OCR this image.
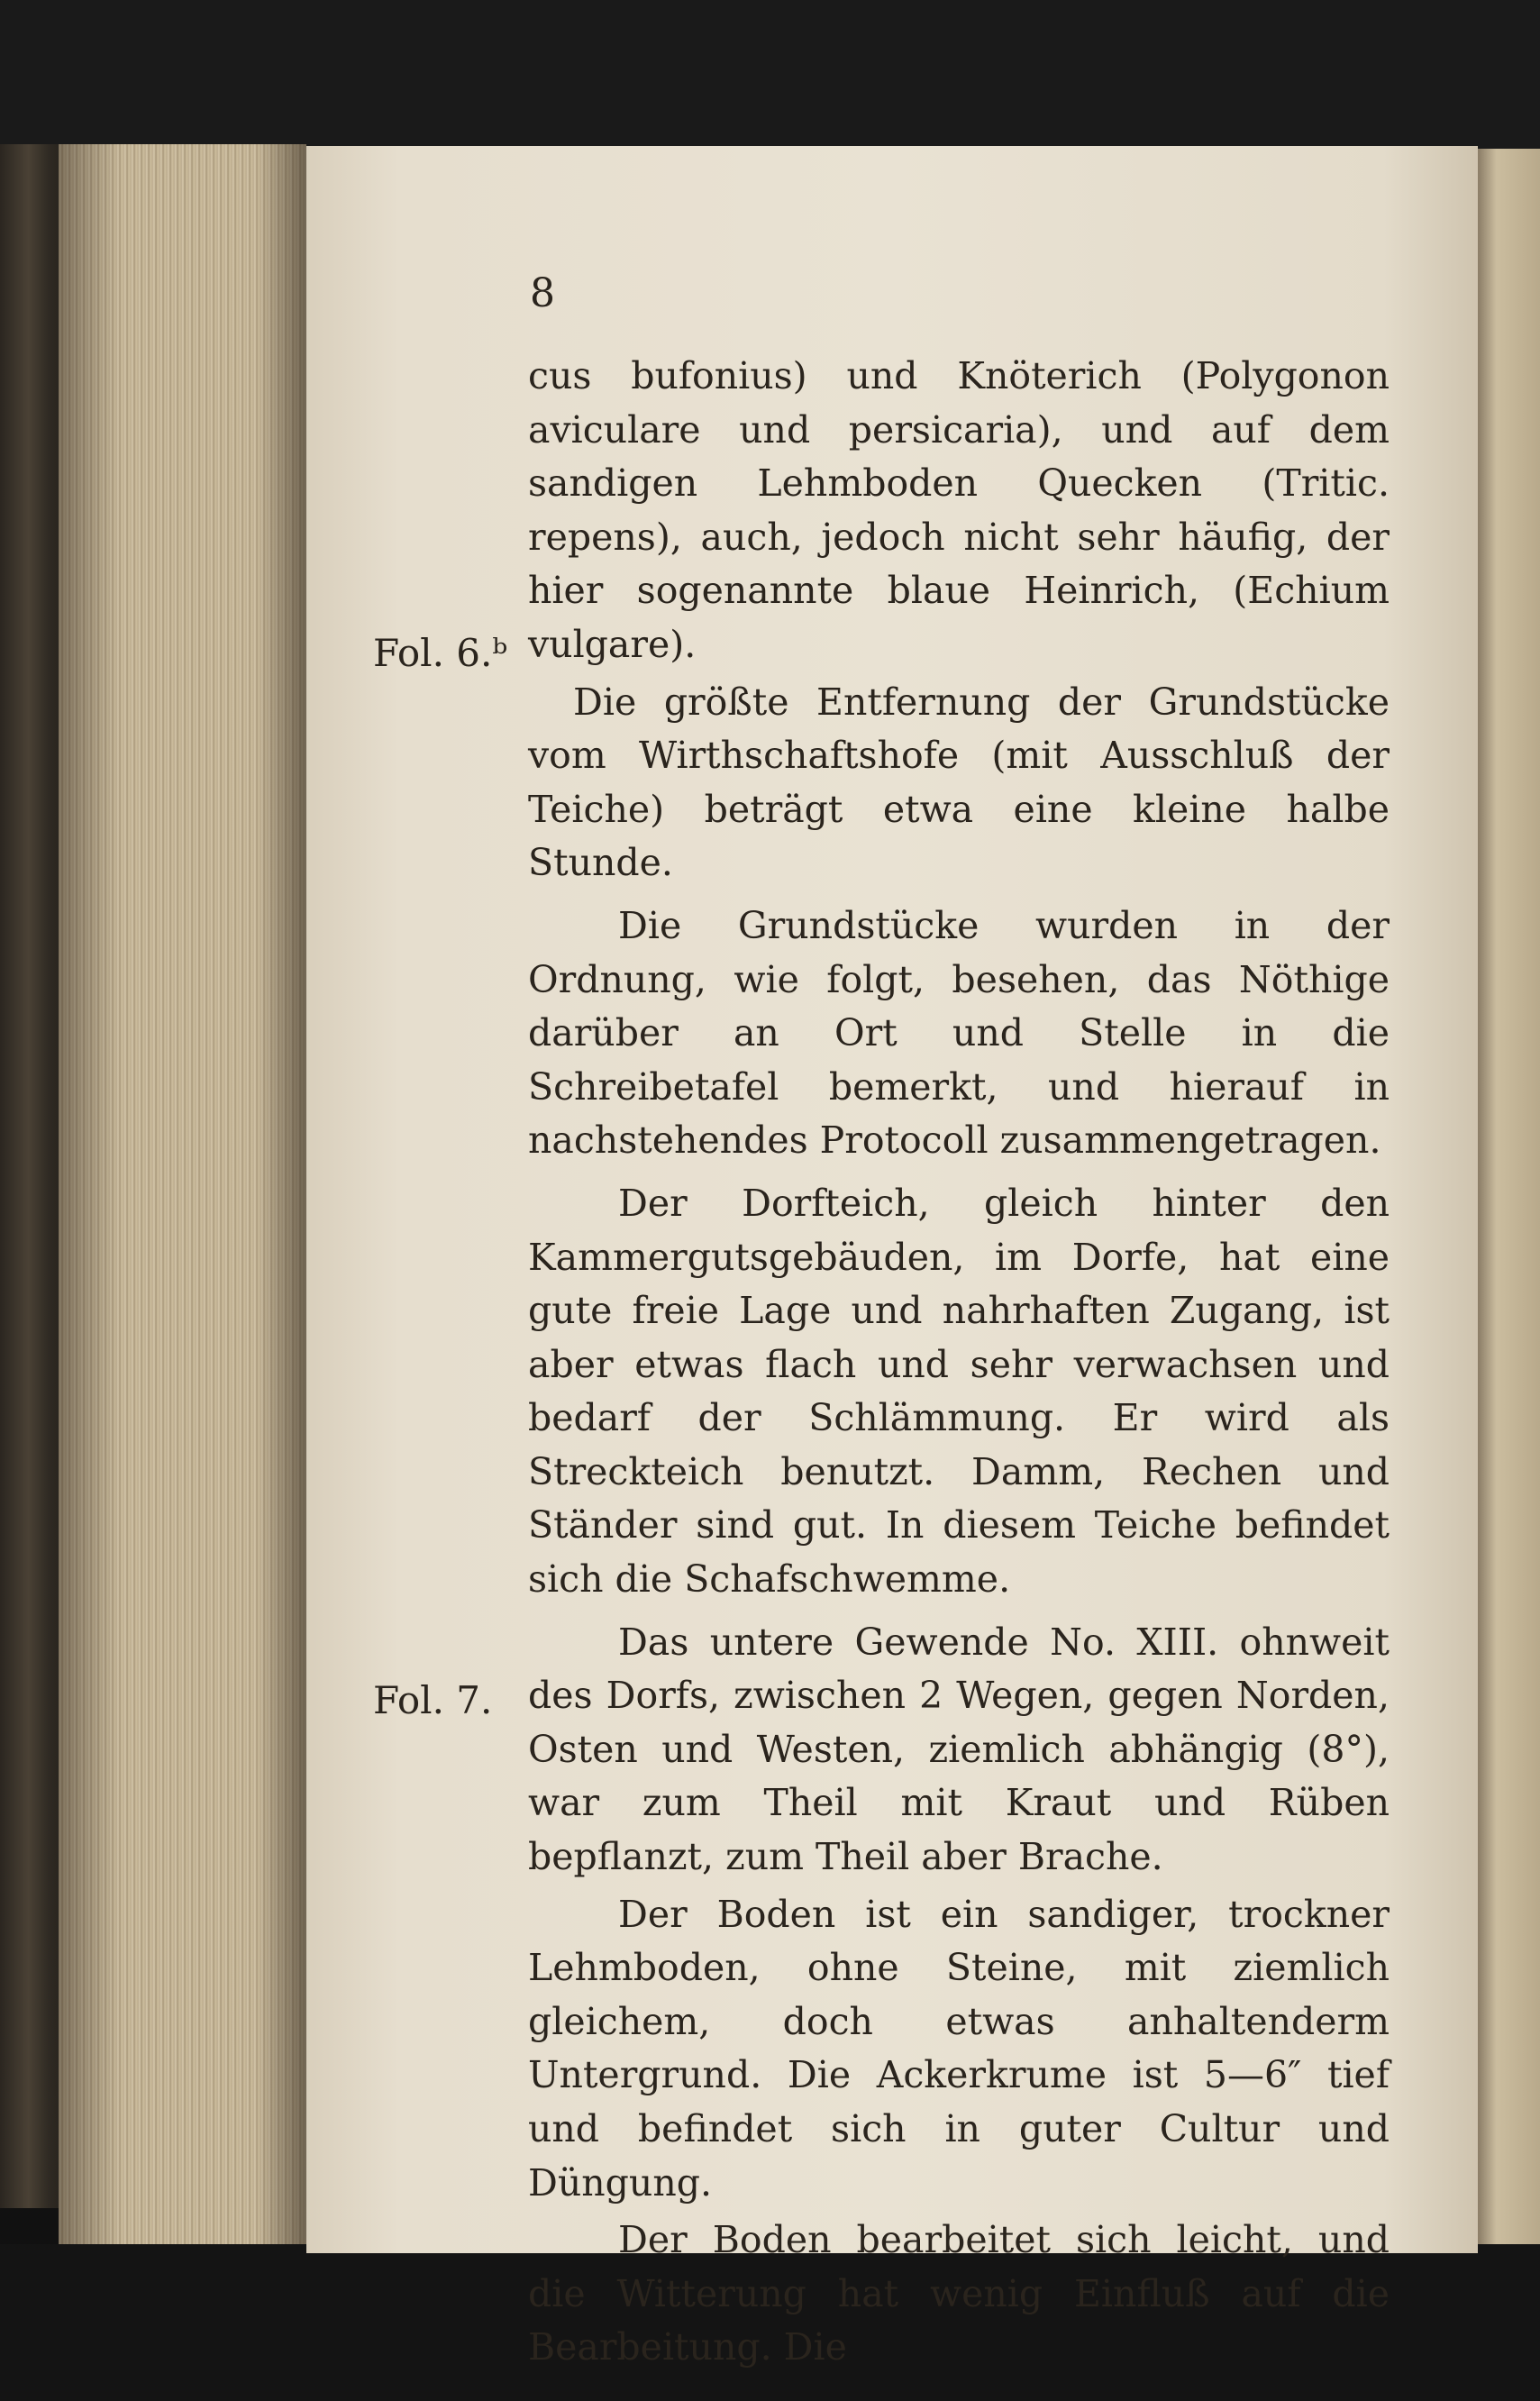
8
Fol. 6.ᵇ
Fol. 7.

cus bufonius) und Knöterich (Polygonon aviculare und persicaria), und auf dem sandigen Lehmboden Quecken (Tritic. repens), auch, jedoch nicht sehr häufig, der hier sogenannte blaue Heinrich, (Echium vulgare).

Die größte Entfernung der Grundstücke vom Wirthschaftshofe (mit Ausschluß der Teiche) beträgt etwa eine kleine halbe Stunde.

Die Grundstücke wurden in der Ordnung, wie folgt, besehen, das Nöthige darüber an Ort und Stelle in die Schreibetafel bemerkt, und hierauf in nachstehendes Protocoll zusammengetragen.

Der Dorfteich, gleich hinter den Kammergutsgebäuden, im Dorfe, hat eine gute freie Lage und nahrhaften Zugang, ist aber etwas flach und sehr verwachsen und bedarf der Schlämmung. Er wird als Streckteich benutzt. Damm, Rechen und Ständer sind gut. In diesem Teiche befindet sich die Schafschwemme.

Das untere Gewende No. XIII. ohnweit des Dorfs, zwischen 2 Wegen, gegen Norden, Osten und Westen, ziemlich abhängig (8°), war zum Theil mit Kraut und Rüben bepflanzt, zum Theil aber Brache.

Der Boden ist ein sandiger, trockner Lehmboden, ohne Steine, mit ziemlich gleichem, doch etwas anhaltenderm Untergrund. Die Ackerkrume ist 5—6″ tief und befindet sich in guter Cultur und Düngung.

Der Boden bearbeitet sich leicht, und die Witterung hat wenig Einfluß auf die Bearbeitung. Die
